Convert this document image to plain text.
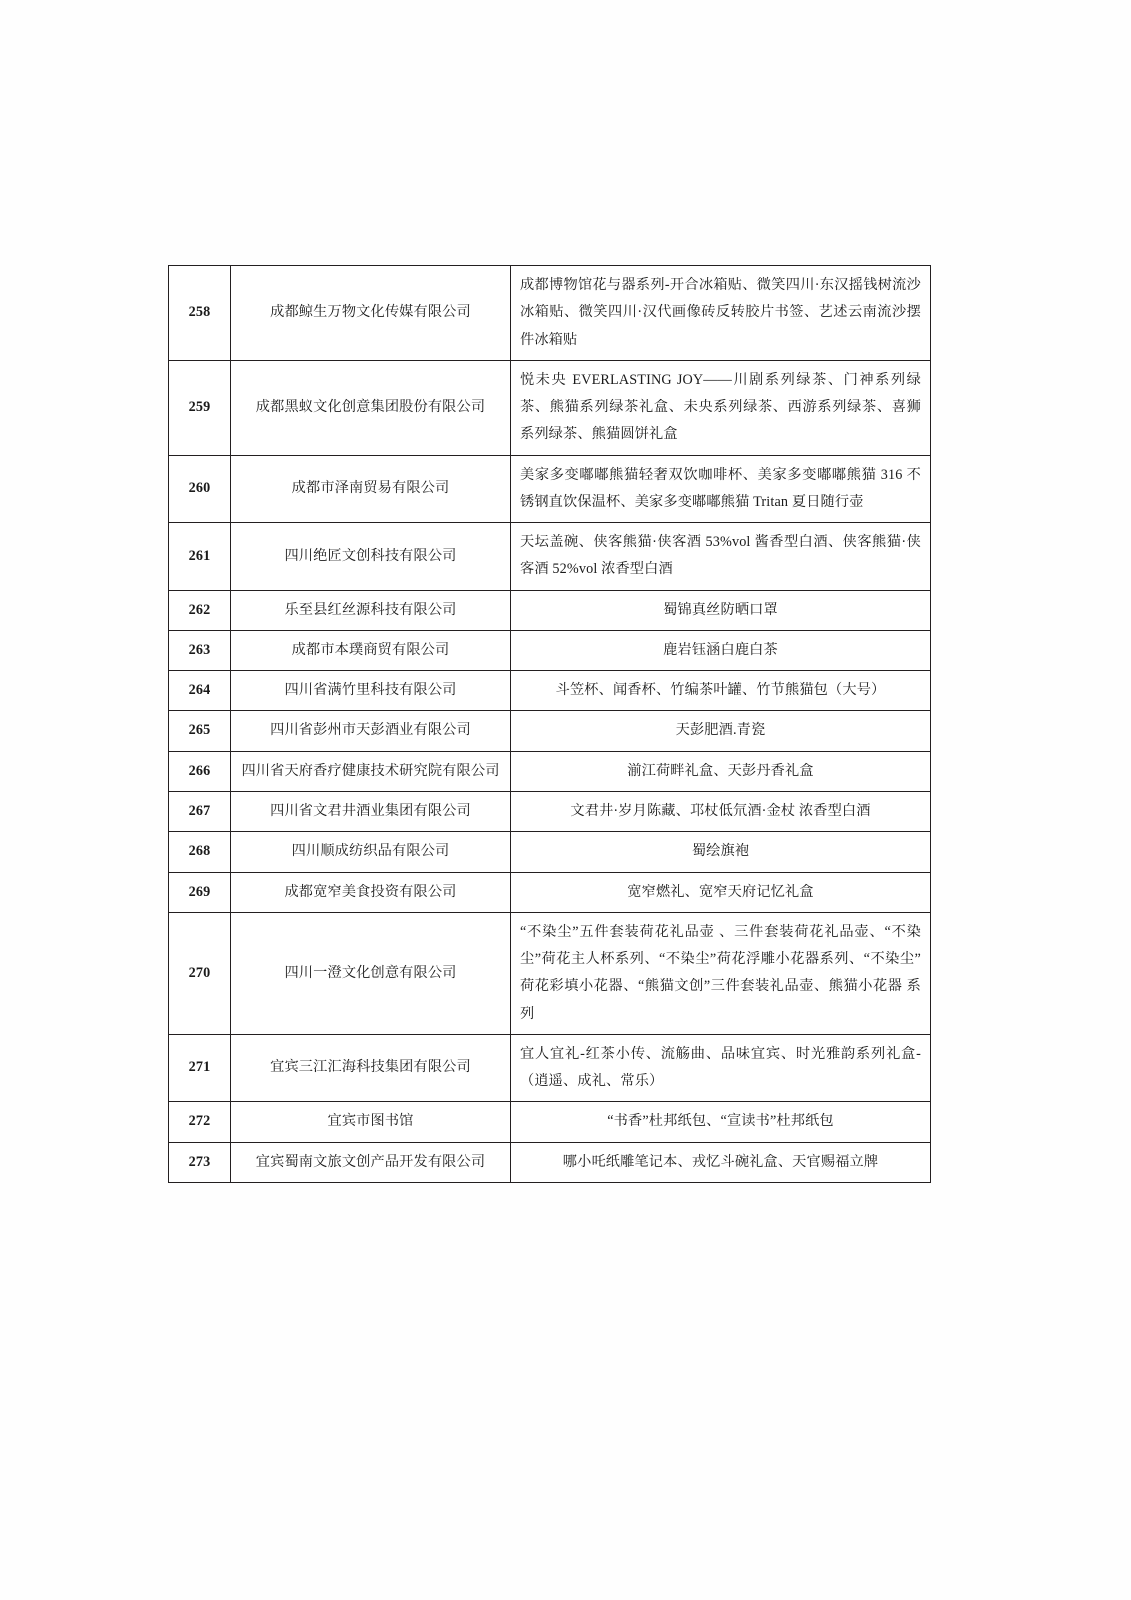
258	成都鲸生万物文化传媒有限公司	成都博物馆花与器系列-开合冰箱贴、微笑四川·东汉摇钱树流沙冰箱贴、微笑四川·汉代画像砖反转胶片书签、艺述云南流沙摆件冰箱贴
259	成都黑蚁文化创意集团股份有限公司	悦未央 EVERLASTING JOY——川剧系列绿茶、门神系列绿茶、熊猫系列绿茶礼盒、未央系列绿茶、西游系列绿茶、喜狮系列绿茶、熊猫圆饼礼盒
260	成都市泽南贸易有限公司	美家多变嘟嘟熊猫轻奢双饮咖啡杯、美家多变嘟嘟熊猫 316 不锈钢直饮保温杯、美家多变嘟嘟熊猫 Tritan 夏日随行壶
261	四川绝匠文创科技有限公司	天坛盖碗、侠客熊猫·侠客酒 53%vol 酱香型白酒、侠客熊猫·侠客酒 52%vol 浓香型白酒
262	乐至县红丝源科技有限公司	蜀锦真丝防晒口罩
263	成都市本璞商贸有限公司	鹿岩钰涵白鹿白茶
264	四川省满竹里科技有限公司	斗笠杯、闻香杯、竹编茶叶罐、竹节熊猫包（大号）
265	四川省彭州市天彭酒业有限公司	天彭肥酒.青瓷
266	四川省天府香疗健康技术研究院有限公司	湔江荷畔礼盒、天彭丹香礼盒
267	四川省文君井酒业集团有限公司	文君井·岁月陈藏、邛杖低氘酒·金杖 浓香型白酒
268	四川顺成纺织品有限公司	蜀绘旗袍
269	成都宽窄美食投资有限公司	宽窄燃礼、宽窄天府记忆礼盒
270	四川一澄文化创意有限公司	“不染尘”五件套装荷花礼品壶 、三件套装荷花礼品壶、“不染尘”荷花主人杯系列、“不染尘”荷花浮雕小花器系列、“不染尘”荷花彩填小花器、“熊猫文创”三件套装礼品壶、熊猫小花器 系列
271	宜宾三江汇海科技集团有限公司	宜人宜礼-红茶小传、流觞曲、品味宜宾、时光雅韵系列礼盒-（逍遥、成礼、常乐）
272	宜宾市图书馆	“书香”杜邦纸包、“宣读书”杜邦纸包
273	宜宾蜀南文旅文创产品开发有限公司	哪小吒纸雕笔记本、戎忆斗碗礼盒、天官赐福立牌
